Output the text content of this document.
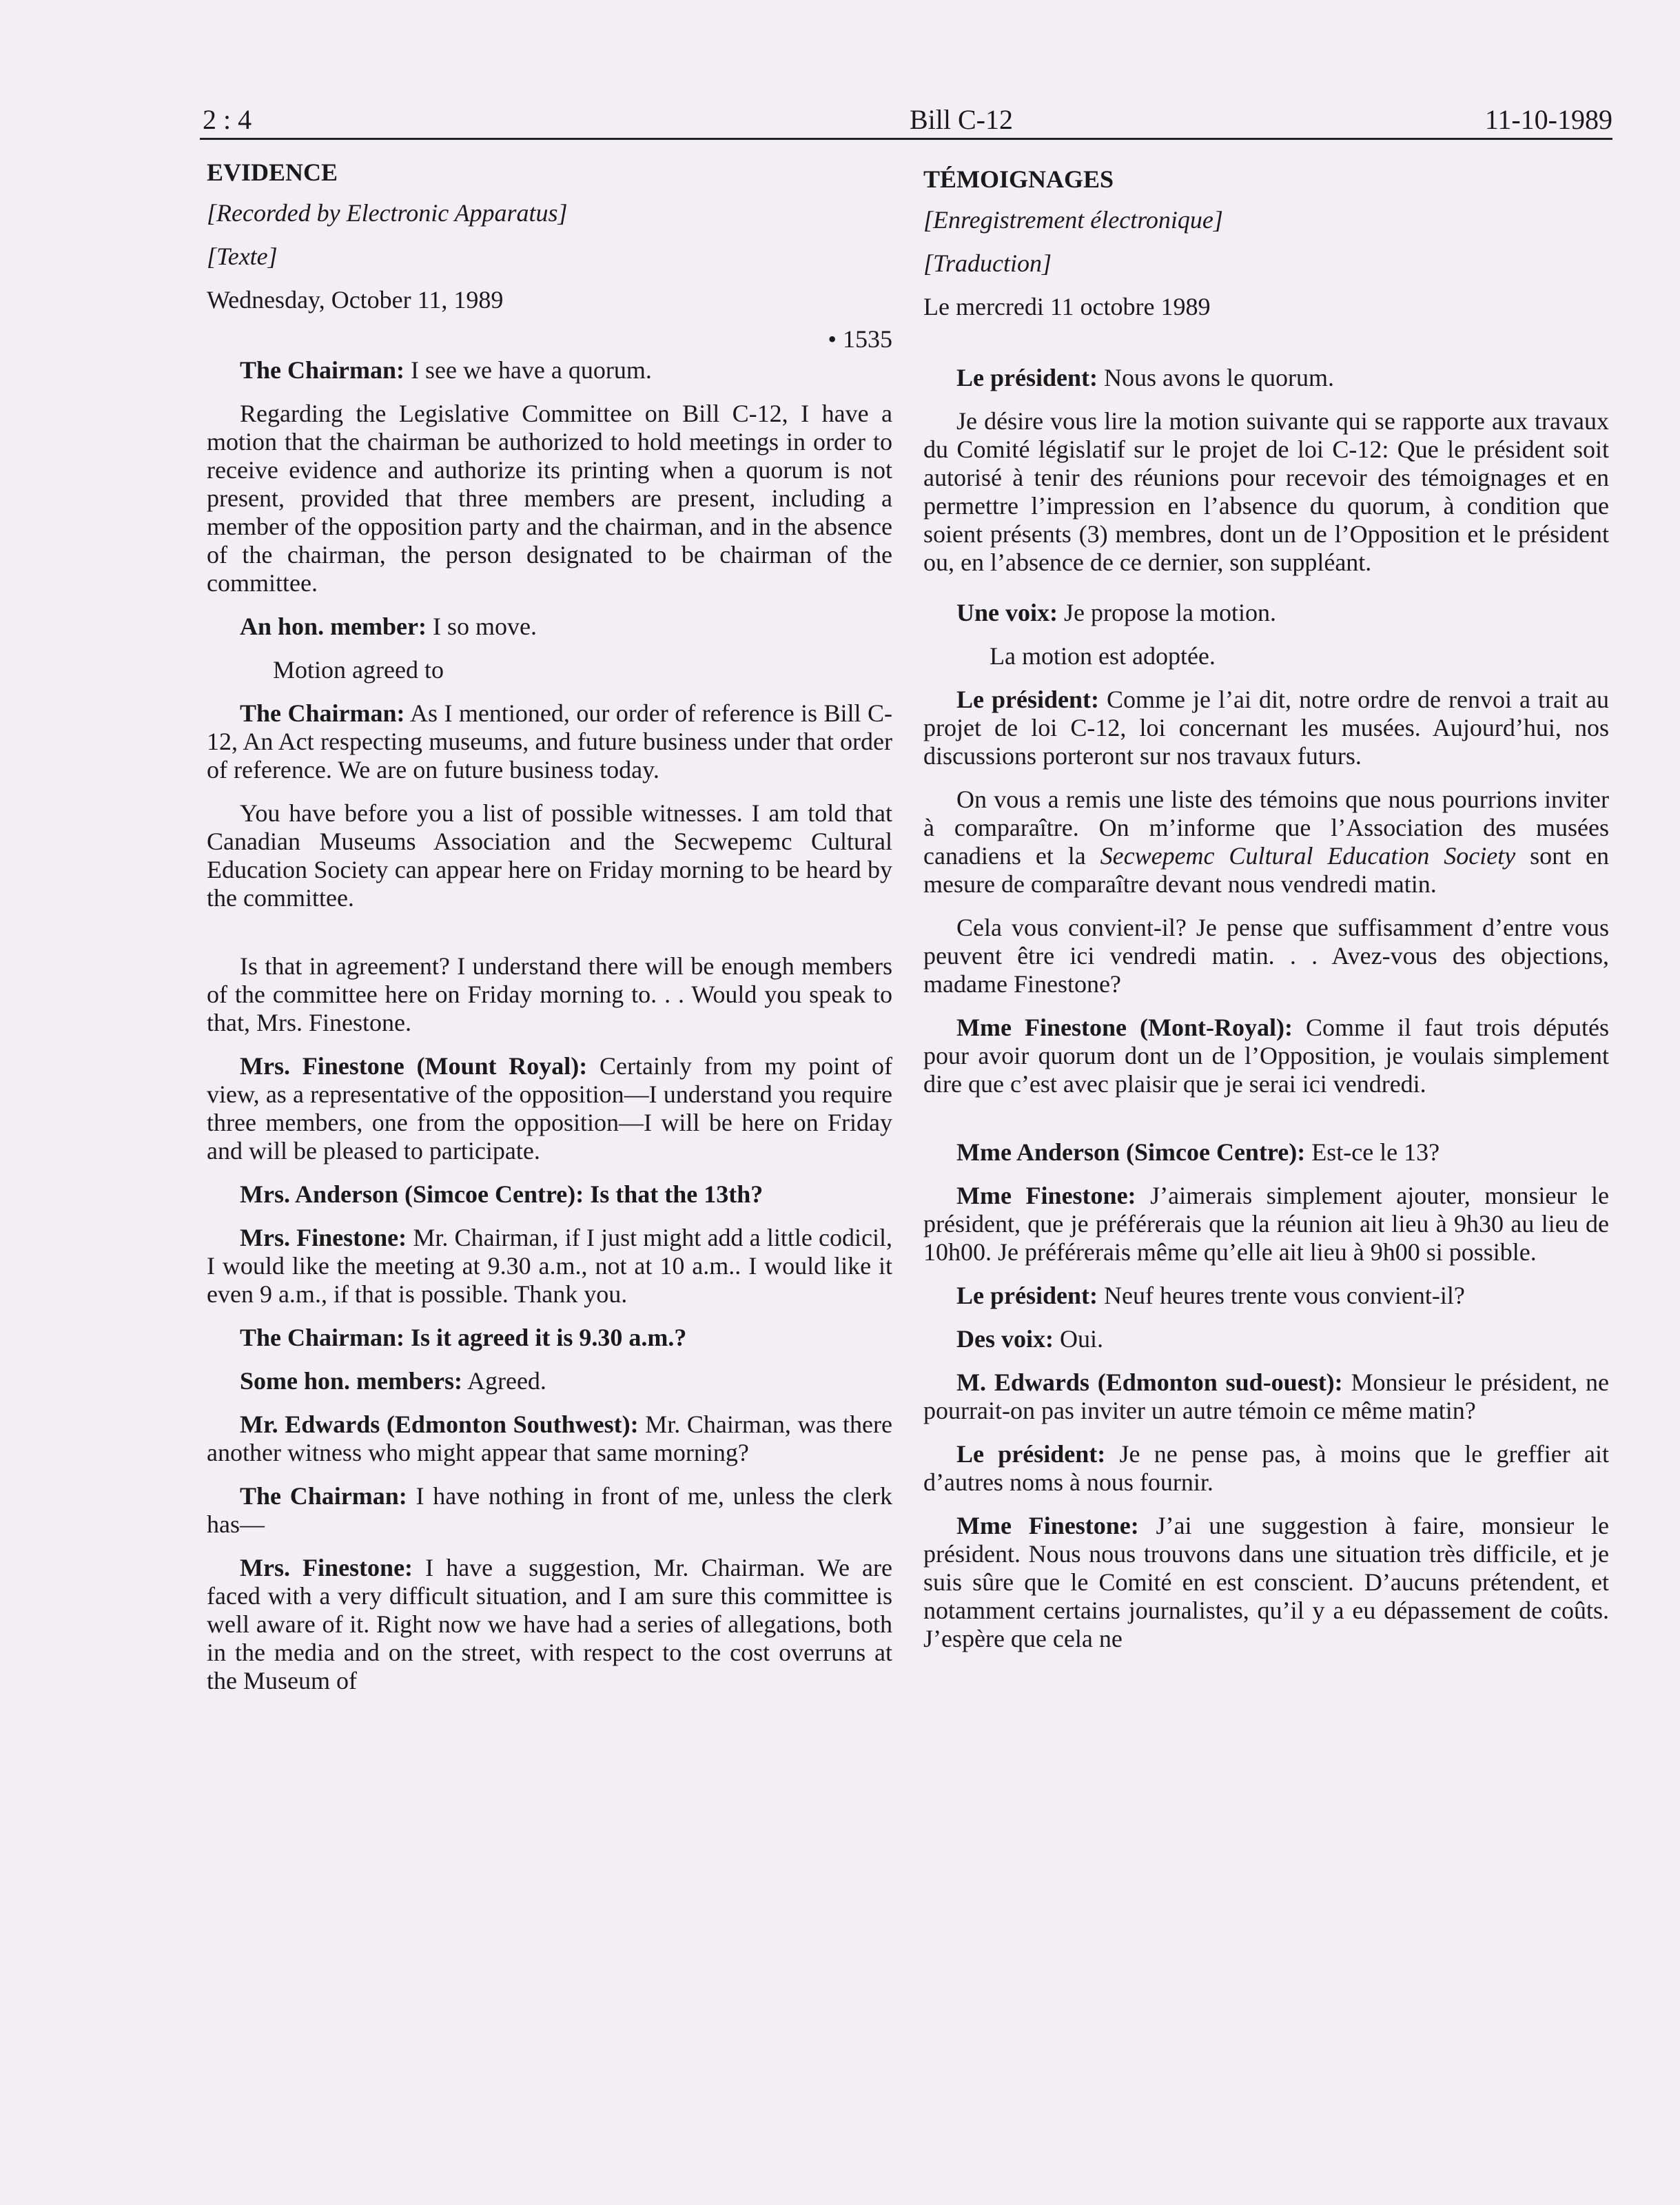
2 : 4	Bill C-12	11-10-1989

EVIDENCE

[Recorded by Electronic Apparatus]

[Texte]

Wednesday, October 11, 1989

• 1535

The Chairman: I see we have a quorum.

Regarding the Legislative Committee on Bill C-12, I have a motion that the chairman be authorized to hold meetings in order to receive evidence and authorize its printing when a quorum is not present, provided that three members are present, including a member of the opposition party and the chairman, and in the absence of the chairman, the person designated to be chairman of the committee.

An hon. member: I so move.

Motion agreed to

The Chairman: As I mentioned, our order of reference is Bill C-12, An Act respecting museums, and future business under that order of reference. We are on future business today.

You have before you a list of possible witnesses. I am told that Canadian Museums Association and the Secwepemc Cultural Education Society can appear here on Friday morning to be heard by the committee.

Is that in agreement? I understand there will be enough members of the committee here on Friday morning to. . . Would you speak to that, Mrs. Finestone.

Mrs. Finestone (Mount Royal): Certainly from my point of view, as a representative of the opposition—I understand you require three members, one from the opposition—I will be here on Friday and will be pleased to participate.

Mrs. Anderson (Simcoe Centre): Is that the 13th?

Mrs. Finestone: Mr. Chairman, if I just might add a little codicil, I would like the meeting at 9.30 a.m., not at 10 a.m.. I would like it even 9 a.m., if that is possible. Thank you.

The Chairman: Is it agreed it is 9.30 a.m.?

Some hon. members: Agreed.

Mr. Edwards (Edmonton Southwest): Mr. Chairman, was there another witness who might appear that same morning?

The Chairman: I have nothing in front of me, unless the clerk has—

Mrs. Finestone: I have a suggestion, Mr. Chairman. We are faced with a very difficult situation, and I am sure this committee is well aware of it. Right now we have had a series of allegations, both in the media and on the street, with respect to the cost overruns at the Museum of

TÉMOIGNAGES

[Enregistrement électronique]

[Traduction]

Le mercredi 11 octobre 1989

Le président: Nous avons le quorum.

Je désire vous lire la motion suivante qui se rapporte aux travaux du Comité législatif sur le projet de loi C-12: Que le président soit autorisé à tenir des réunions pour recevoir des témoignages et en permettre l’impression en l’absence du quorum, à condition que soient présents (3) membres, dont un de l’Opposition et le président ou, en l’absence de ce dernier, son suppléant.

Une voix: Je propose la motion.

La motion est adoptée.

Le président: Comme je l’ai dit, notre ordre de renvoi a trait au projet de loi C-12, loi concernant les musées. Aujourd’hui, nos discussions porteront sur nos travaux futurs.

On vous a remis une liste des témoins que nous pourrions inviter à comparaître. On m’informe que l’Association des musées canadiens et la Secwepemc Cultural Education Society sont en mesure de comparaître devant nous vendredi matin.

Cela vous convient-il? Je pense que suffisamment d’entre vous peuvent être ici vendredi matin. . . Avez-vous des objections, madame Finestone?

Mme Finestone (Mont-Royal): Comme il faut trois députés pour avoir quorum dont un de l’Opposition, je voulais simplement dire que c’est avec plaisir que je serai ici vendredi.

Mme Anderson (Simcoe Centre): Est-ce le 13?

Mme Finestone: J’aimerais simplement ajouter, monsieur le président, que je préférerais que la réunion ait lieu à 9h30 au lieu de 10h00. Je préférerais même qu’elle ait lieu à 9h00 si possible.

Le président: Neuf heures trente vous convient-il?

Des voix: Oui.

M. Edwards (Edmonton sud-ouest): Monsieur le président, ne pourrait-on pas inviter un autre témoin ce même matin?

Le président: Je ne pense pas, à moins que le greffier ait d’autres noms à nous fournir.

Mme Finestone: J’ai une suggestion à faire, monsieur le président. Nous nous trouvons dans une situation très difficile, et je suis sûre que le Comité en est conscient. D’aucuns prétendent, et notamment certains journalistes, qu’il y a eu dépassement de coûts. J’espère que cela ne
